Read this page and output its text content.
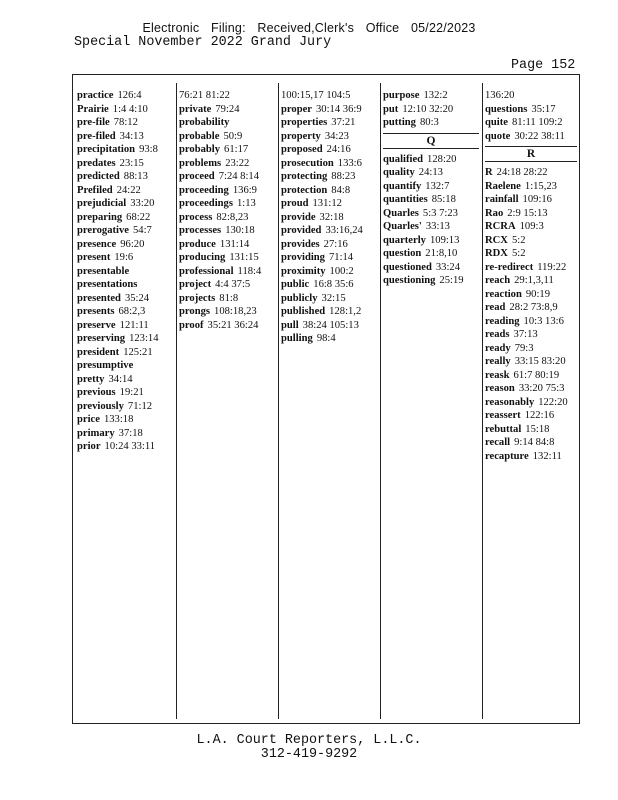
Electronic Filing: Received,Clerk's Office 05/22/2023
Special November 2022 Grand Jury
Page 152
practice 126:4
Prairie 1:4 4:10
pre-file 78:12
pre-filed 34:13
precipitation 93:8
predates 23:15
predicted 88:13
Prefiled 24:22
prejudicial 33:20
preparing 68:22
prerogative 54:7
presence 96:20
present 19:6
presentable
presentations
presented 35:24
presents 68:2,3
preserve 121:11
preserving 123:14
president 125:21
presumptive
pretty 34:14
previous 19:21
previously 71:12
price 133:18
primary 37:18
prior 10:24 33:11
76:21 81:22
private 79:24
probability
probable 50:9
probably 61:17
problems 23:22
proceed 7:24 8:14
proceeding 136:9
proceedings 1:13
process 82:8,23
processes 130:18
produce 131:14
producing 131:15
professional 118:4
project 4:4 37:5
projects 81:8
prongs 108:18,23
proof 35:21 36:24
100:15,17 104:5
proper 30:14 36:9
properties 37:21
property 34:23
proposed 24:16
prosecution 133:6
protecting 88:23
protection 84:8
proud 131:12
provide 32:18
provided 33:16,24
provides 27:16
providing 71:14
proximity 100:2
public 16:8 35:6
publicly 32:15
published 128:1,2
pull 38:24 105:13
pulling 98:4
purpose 132:2
put 12:10 32:20
putting 80:3
Q
qualified 128:20
quality 24:13
quantify 132:7
quantities 85:18
Quarles 5:3 7:23
Quarles' 33:13
quarterly 109:13
question 21:8,10
questioned 33:24
questioning 25:19
136:20
questions 35:17
quite 81:11 109:2
quote 30:22 38:11
R
R 24:18 28:22
Raelene 1:15,23
rainfall 109:16
Rao 2:9 15:13
RCRA 109:3
RCX 5:2
RDX 5:2
re-redirect 119:22
reach 29:1,3,11
reaction 90:19
read 28:2 73:8,9
reading 10:3 13:6
reads 37:13
ready 79:3
really 33:15 83:20
reask 61:7 80:19
reason 33:20 75:3
reasonably 122:20
reassert 122:16
rebuttal 15:18
recall 9:14 84:8
recapture 132:11
L.A. Court Reporters, L.L.C.
312-419-9292
